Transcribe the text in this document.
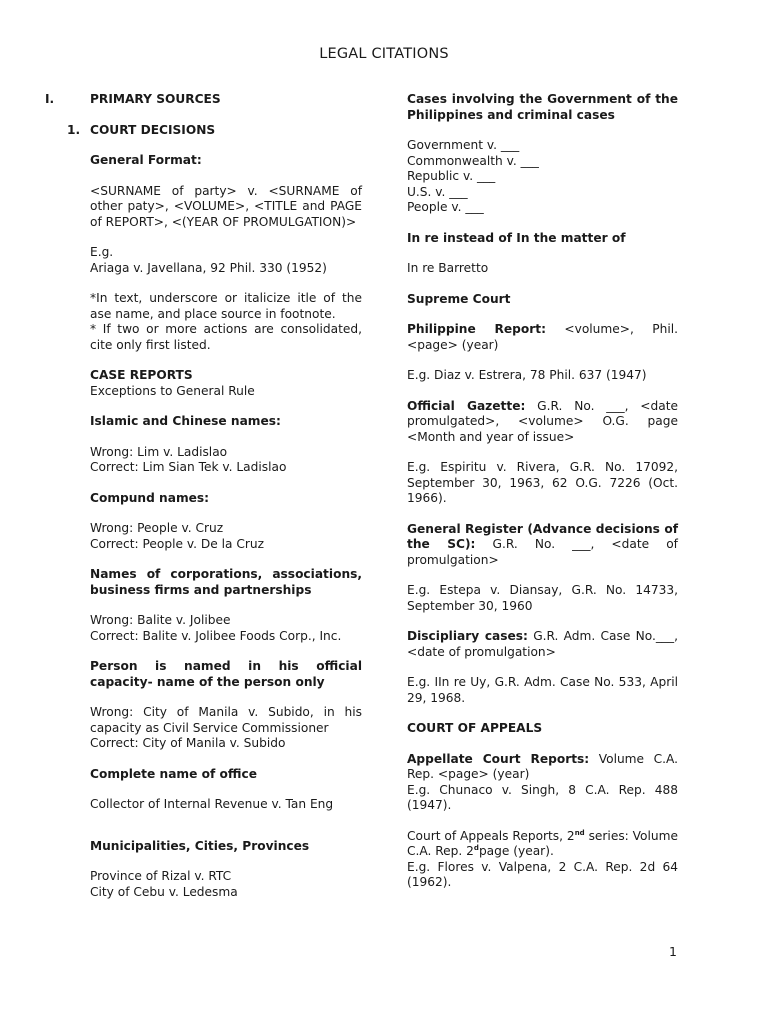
LEGAL CITATIONS
I.	PRIMARY SOURCES
1. COURT DECISIONS
General Format:

<SURNAME of party> v. <SURNAME of other paty>, <VOLUME>, <TITLE and PAGE of REPORT>, <(YEAR OF PROMULGATION)>

E.g.
Ariaga v. Javellana, 92 Phil. 330 (1952)

*In text, underscore or italicize itle of the ase name, and place source in footnote.
* If two or more actions are consolidated, cite only first listed.

CASE REPORTS
Exceptions to General Rule

Islamic and Chinese names:

Wrong: Lim v. Ladislao
Correct: Lim Sian Tek v. Ladislao

Compund names:

Wrong: People v. Cruz
Correct: People v. De la Cruz

Names of corporations, associations, business firms and partnerships

Wrong: Balite v. Jolibee
Correct: Balite v. Jolibee Foods Corp., Inc.

Person is named in his official capacity- name of the person only

Wrong: City of Manila v. Subido, in his capacity as Civil Service Commissioner
Correct: City of Manila v. Subido

Complete name of office

Collector of Internal Revenue v. Tan Eng

Municipalities, Cities, Provinces

Province of Rizal v. RTC
City of Cebu v. Ledesma

Cases involving the Government of the Philippines and criminal cases

Government v. ___
Commonwealth v. ___
Republic v. ___
U.S. v. ___
People v. ___

In re instead of In the matter of

In re Barretto

Supreme Court

Philippine Report: <volume>, Phil. <page> (year)

E.g. Diaz v. Estrera, 78 Phil. 637 (1947)

Official Gazette: G.R. No. ___, <date promulgated>, <volume> O.G. page <Month and year of issue>

E.g. Espiritu v. Rivera, G.R. No. 17092, September 30, 1963, 62 O.G. 7226 (Oct. 1966).

General Register (Advance decisions of the SC): G.R. No. ___, <date of promulgation>

E.g. Estepa v. Diansay, G.R. No. 14733, September 30, 1960

Discipliary cases: G.R. Adm. Case No.___, <date of promulgation>

E.g. IIn re Uy, G.R. Adm. Case No. 533, April 29, 1968.

COURT OF APPEALS

Appellate Court Reports: Volume C.A. Rep. <page> (year)
E.g. Chunaco v. Singh, 8 C.A. Rep. 488 (1947).

Court of Appeals Reports, 2nd series: Volume C.A. Rep. 2$^d$page (year).
E.g. Flores v. Valpena, 2 C.A. Rep. 2d 64 (1962).

1
